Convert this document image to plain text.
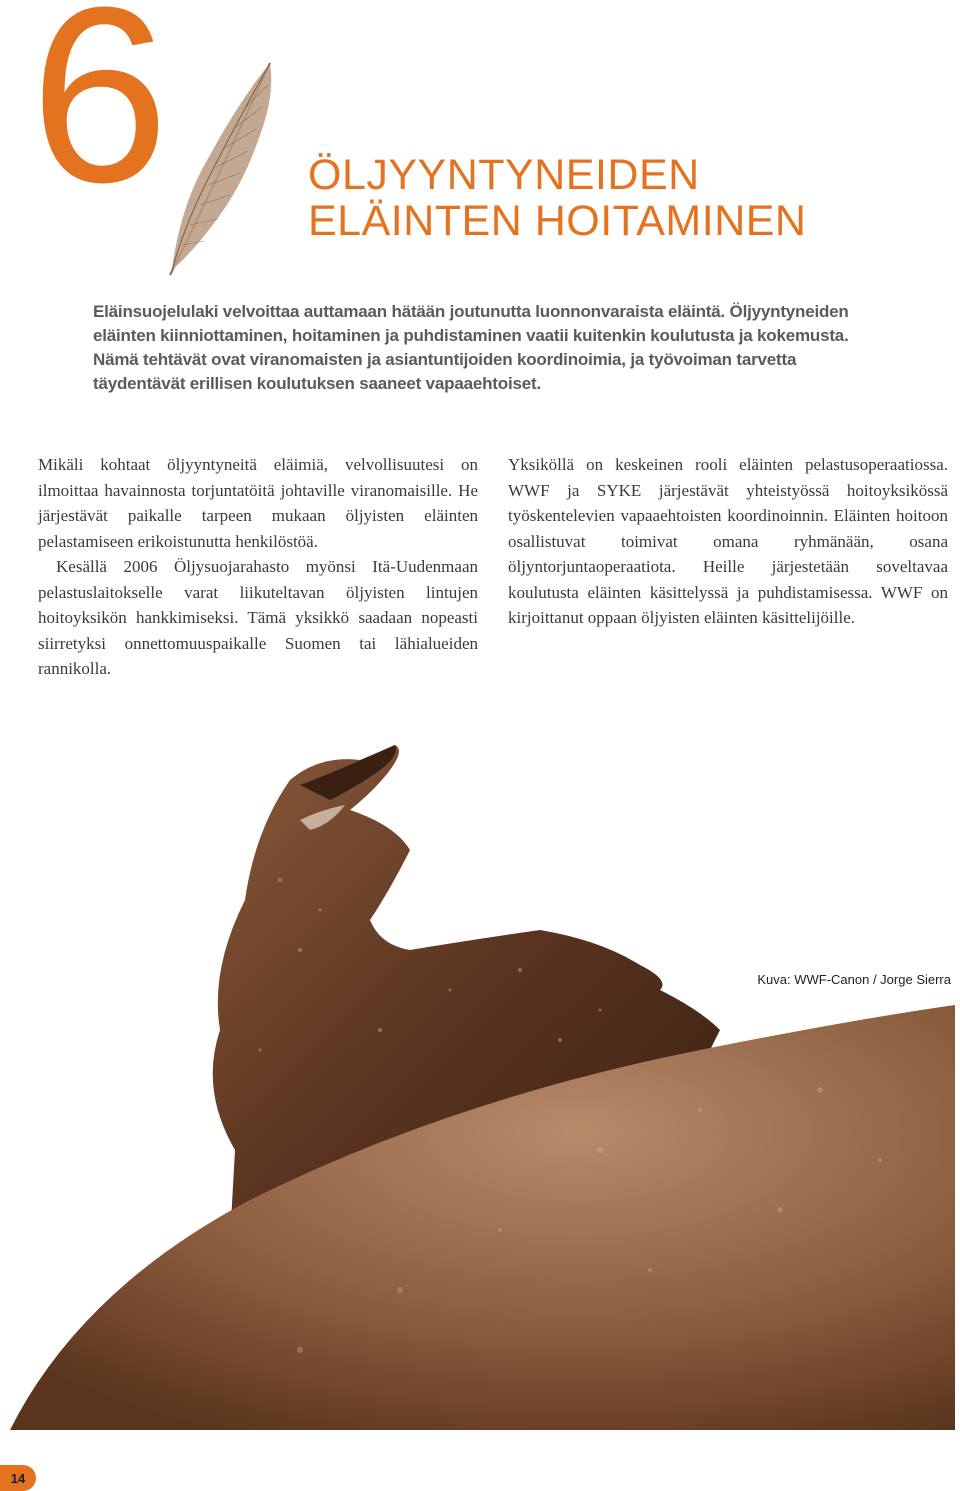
6	ÖLJYYNTYNEIDEN
ELÄINTEN HOITAMINEN
Eläinsuojelulaki velvoittaa auttamaan hätään joutunutta luonnonvaraista eläintä. Öljyyntyneiden
eläinten kiinniottaminen, hoitaminen ja puhdistaminen vaatii kuitenkin koulutusta ja kokemusta.
Nämä tehtävät ovat viranomaisten ja asiantuntijoiden koordinoimia, ja työvoiman tarvetta
täydentävät erillisen koulutuksen saaneet vapaaehtoiset.

Mikäli kohtaat öljyyntyneitä eläimiä, velvollisuutesi on ilmoittaa havainnosta torjuntatöitä johtaville viranomaisille. He järjestävät paikalle tarpeen mukaan öljyisten eläinten pelastamiseen erikoistunutta henkilöstöä.

Kesällä 2006 Öljysuojarahasto myönsi Itä-Uudenmaan pelastuslaitokselle varat liikuteltavan öljyisten lintujen hoitoyksikön hankkimiseksi. Tämä yksikkö saadaan nopeasti siirretyksi onnettomuuspaikalle Suomen tai lähialueiden rannikolla.

Yksiköllä on keskeinen rooli eläinten pelastusoperaatiossa. WWF ja SYKE järjestävät yhteistyössä hoitoyksikössä työskentelevien vapaaehtoisten koordinoinnin. Eläinten hoitoon osallistuvat toimivat omana ryhmänään, osana öljyntorjuntaoperaatiota. Heille järjestetään soveltavaa koulutusta eläinten käsittelyssä ja puhdistamisessa. WWF on kirjoittanut oppaan öljyisten eläinten käsittelijöille.

Kuva: WWF-Canon / Jorge Sierra
14
